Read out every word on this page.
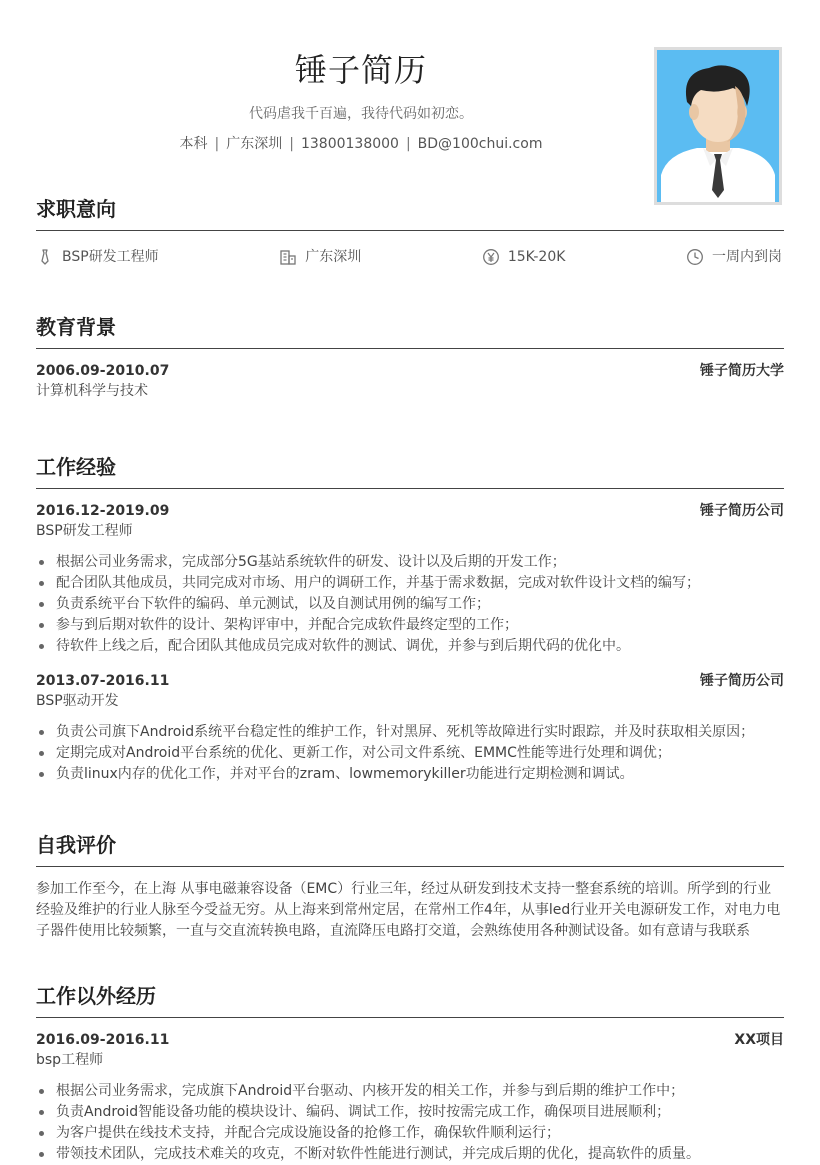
锤子简历
代码虐我千百遍，我待代码如初恋。
本科 | 广东深圳 | 13800138000 | BD@100chui.com
求职意向
BSP研发工程师	广东深圳	15K-20K	一周内到岗
教育背景
2006.09-2010.07	锤子简历大学
计算机科学与技术
工作经验
2016.12-2019.09	锤子简历公司
BSP研发工程师
根据公司业务需求，完成部分5G基站系统软件的研发、设计以及后期的开发工作；
配合团队其他成员，共同完成对市场、用户的调研工作，并基于需求数据，完成对软件设计文档的编写；
负责系统平台下软件的编码、单元测试，以及自测试用例的编写工作；
参与到后期对软件的设计、架构评审中，并配合完成软件最终定型的工作；
待软件上线之后，配合团队其他成员完成对软件的测试、调优，并参与到后期代码的优化中。
2013.07-2016.11	锤子简历公司
BSP驱动开发
负责公司旗下Android系统平台稳定性的维护工作，针对黑屏、死机等故障进行实时跟踪，并及时获取相关原因；
定期完成对Android平台系统的优化、更新工作，对公司文件系统、EMMC性能等进行处理和调优；
负责linux内存的优化工作，并对平台的zram、lowmemorykiller功能进行定期检测和调试。
自我评价
参加工作至今，在上海 从事电磁兼容设备（EMC）行业三年，经过从研发到技术支持一整套系统的培训。所学到的行业
经验及维护的行业人脉至今受益无穷。从上海来到常州定居，在常州工作4年，从事led行业开关电源研发工作，对电力电
子器件使用比较频繁，一直与交直流转换电路，直流降压电路打交道，会熟练使用各种测试设备。如有意请与我联系
工作以外经历
2016.09-2016.11	XX项目
bsp工程师
根据公司业务需求，完成旗下Android平台驱动、内核开发的相关工作，并参与到后期的维护工作中；
负责Android智能设备功能的模块设计、编码、调试工作，按时按需完成工作，确保项目进展顺利；
为客户提供在线技术支持，并配合完成设施设备的抢修工作，确保软件顺利运行；
带领技术团队，完成技术难关的攻克，不断对软件性能进行测试，并完成后期的优化，提高软件的质量。
